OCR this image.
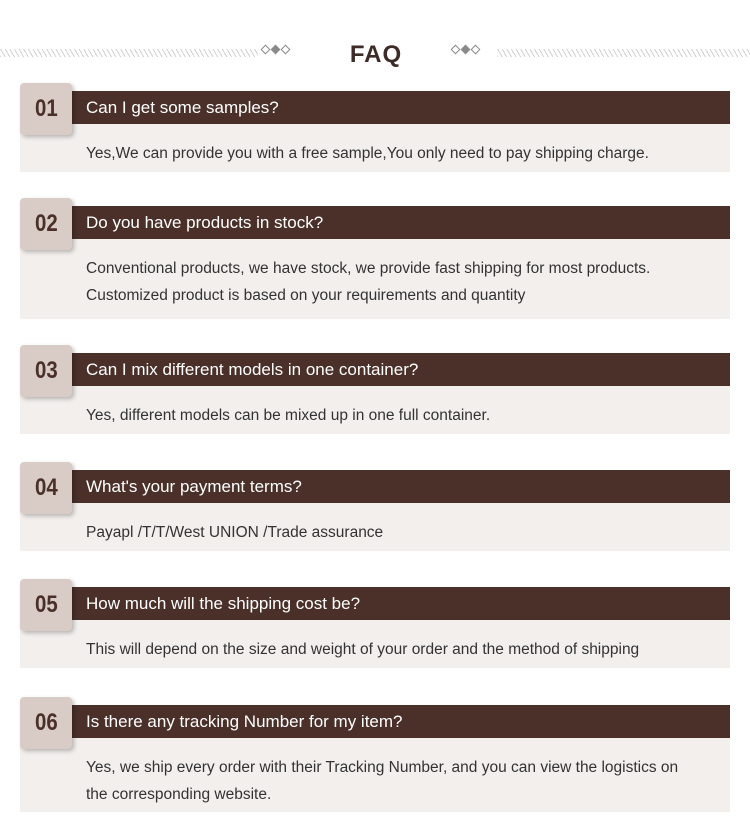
FAQ
Can I get some samples?
Yes,We can provide you with a free sample,You only need to pay shipping charge.
01
Do you have products in stock?
Conventional products, we have stock, we provide fast shipping for most products.
Customized product is based on your requirements and quantity
02
Can I mix different models in one container?
Yes, different models can be mixed up in one full container.
03
What's your payment terms?
Payapl /T/T/West UNION /Trade assurance
04
How much will the shipping cost be?
This will depend on the size and weight of your order and the method of shipping
05
Is there any tracking Number for my item?
Yes, we ship every order with their Tracking Number, and you can view the logistics on
the corresponding website.
06
